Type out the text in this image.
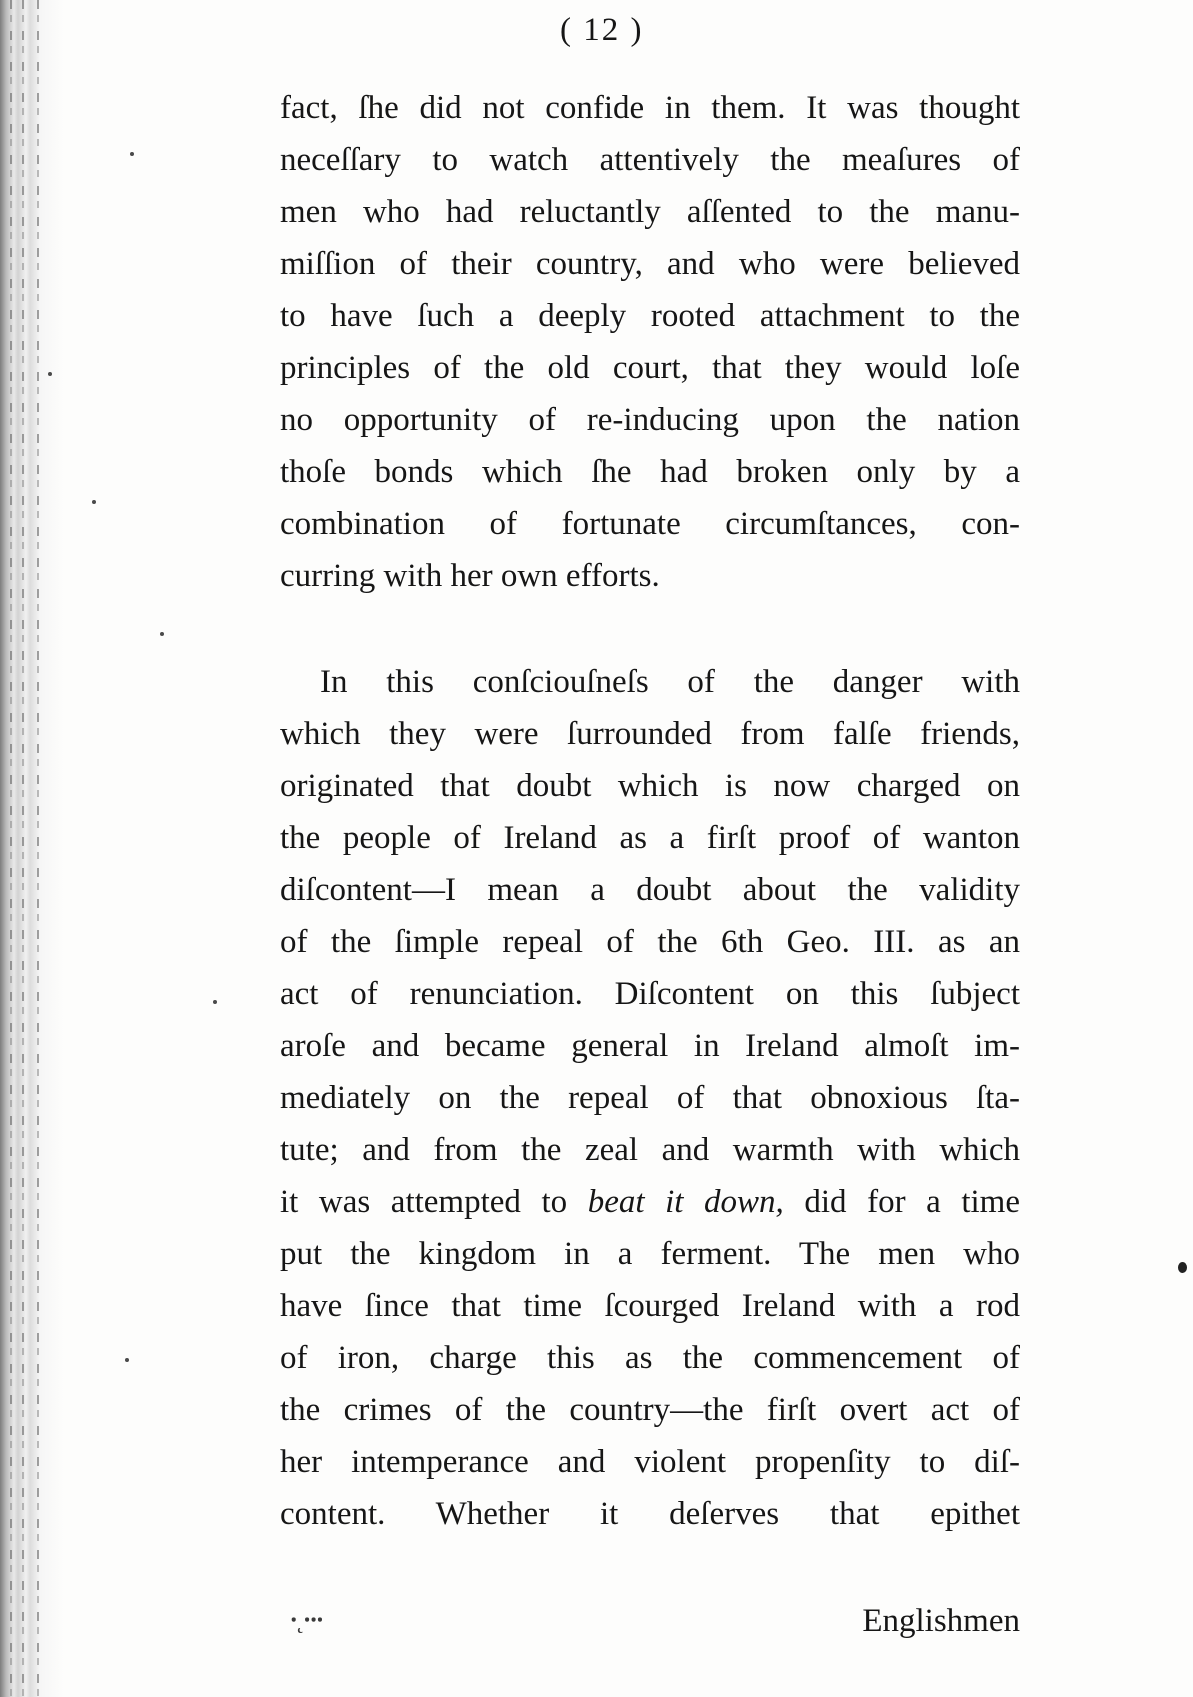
( 12 )
fact, ſhe did not confide in them. It was thought
neceſſary to watch attentively the meaſures of
men who had reluctantly aſſented to the manu-
miſſion of their country, and who were believed
to have ſuch a deeply rooted attachment to the
principles of the old court, that they would loſe
no opportunity of re-inducing upon the nation
thoſe bonds which ſhe had broken only by a
combination of fortunate circumſtances, con-
curring with her own efforts.
In this conſciouſneſs of the danger with
which they were ſurrounded from falſe friends,
originated that doubt which is now charged on
the people of Ireland as a firſt proof of wanton
diſcontent—I mean a doubt about the validity
of the ſimple repeal of the 6th Geo. III. as an
act of renunciation. Diſcontent on this ſubject
aroſe and became general in Ireland almoſt im-
mediately on the repeal of that obnoxious ſta-
tute; and from the zeal and warmth with which
it was attempted to beat it down, did for a time
put the kingdom in a ferment. The men who
have ſince that time ſcourged Ireland with a rod
of iron, charge this as the commencement of
the crimes of the country—the firſt overt act of
her intemperance and violent propenſity to diſ-
content. Whether it deſerves that epithet
ꞏ˛ꞏꞏꞏ	Englishmen
